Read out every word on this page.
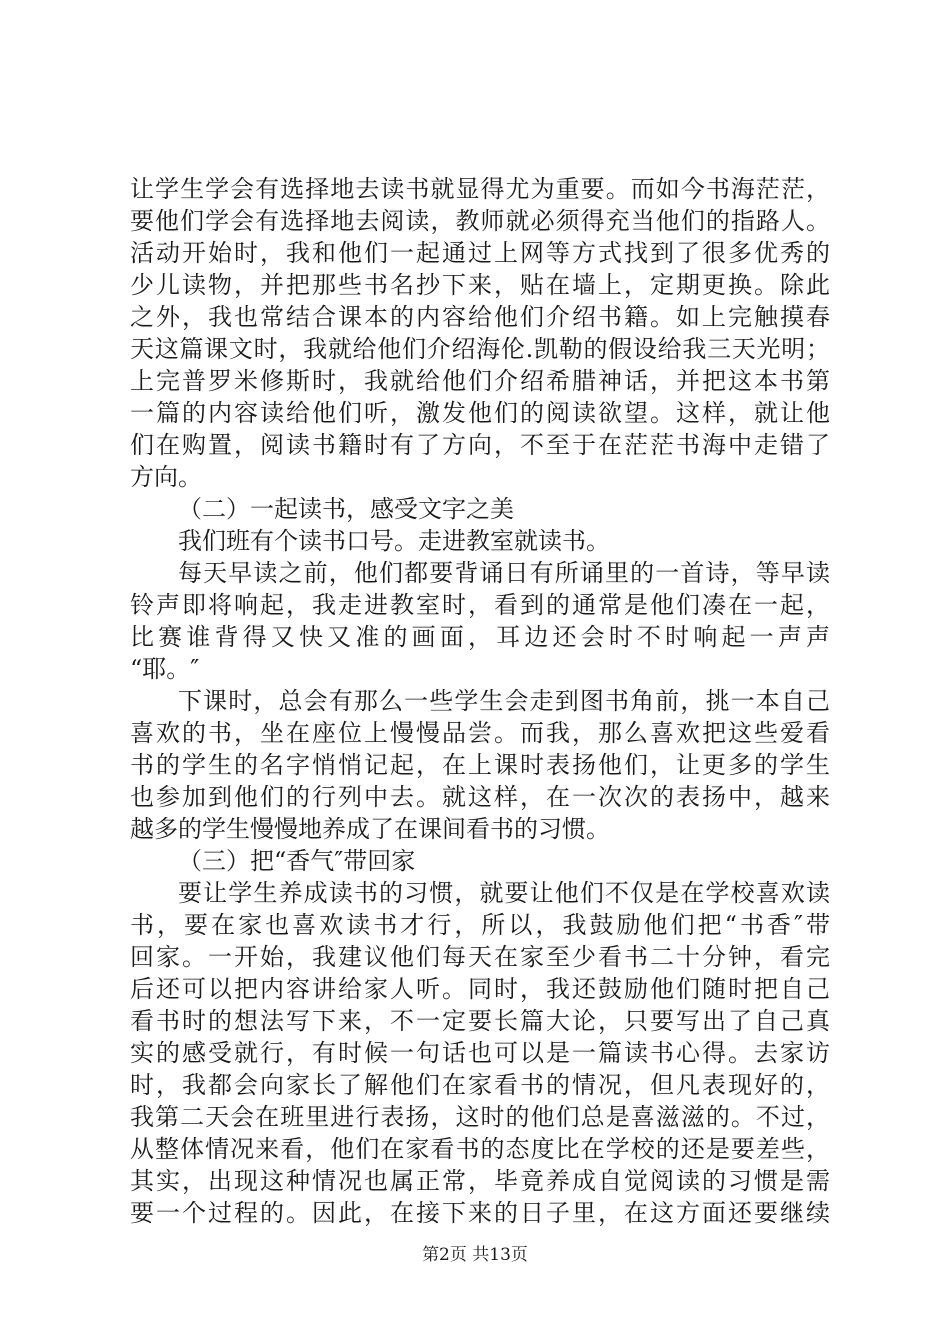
让学生学会有选择地去读书就显得尤为重要。而如今书海茫茫，
要他们学会有选择地去阅读，教师就必须得充当他们的指路人。
活动开始时，我和他们一起通过上网等方式找到了很多优秀的
少儿读物，并把那些书名抄下来，贴在墙上，定期更换。除此
之外，我也常结合课本的内容给他们介绍书籍。如上完触摸春
天这篇课文时，我就给他们介绍海伦.凯勒的假设给我三天光明；
上完普罗米修斯时，我就给他们介绍希腊神话，并把这本书第
一篇的内容读给他们听，激发他们的阅读欲望。这样，就让他
们在购置，阅读书籍时有了方向，不至于在茫茫书海中走错了
方向。
（二）一起读书，感受文字之美
我们班有个读书口号。走进教室就读书。
每天早读之前，他们都要背诵日有所诵里的一首诗，等早读
铃声即将响起，我走进教室时，看到的通常是他们凑在一起，
比赛谁背得又快又准的画面，耳边还会时不时响起一声声
“耶。″
下课时，总会有那么一些学生会走到图书角前，挑一本自己
喜欢的书，坐在座位上慢慢品尝。而我，那么喜欢把这些爱看
书的学生的名字悄悄记起，在上课时表扬他们，让更多的学生
也参加到他们的行列中去。就这样，在一次次的表扬中，越来
越多的学生慢慢地养成了在课间看书的习惯。
（三）把“香气″带回家
要让学生养成读书的习惯，就要让他们不仅是在学校喜欢读
书，要在家也喜欢读书才行，所以，我鼓励他们把“书香″带
回家。一开始，我建议他们每天在家至少看书二十分钟，看完
后还可以把内容讲给家人听。同时，我还鼓励他们随时把自己
看书时的想法写下来，不一定要长篇大论，只要写出了自己真
实的感受就行，有时候一句话也可以是一篇读书心得。去家访
时，我都会向家长了解他们在家看书的情况，但凡表现好的，
我第二天会在班里进行表扬，这时的他们总是喜滋滋的。不过，
从整体情况来看，他们在家看书的态度比在学校的还是要差些，
其实，出现这种情况也属正常，毕竟养成自觉阅读的习惯是需
要一个过程的。因此，在接下来的日子里，在这方面还要继续
第2页 共13页
